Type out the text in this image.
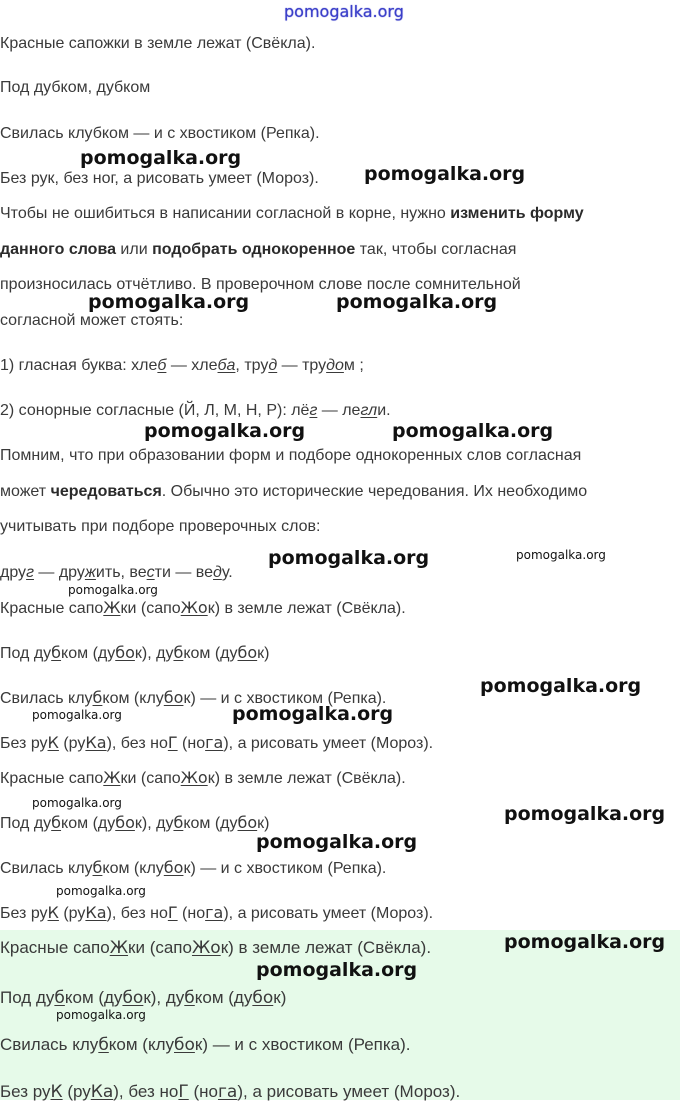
pomogalka.org
Красные сапожки в земле лежат (Свёкла).
Под дубком, дубком
Свилась клубком — и с хвостиком (Репка).
Без рук, без ног, а рисовать умеет (Мороз).
Чтобы не ошибиться в написании согласной в корне, нужно изменить форму
данного слова или подобрать однокоренное так, чтобы согласная
произносилась отчётливо. В проверочном слове после сомнительной
согласной может стоять:
1) гласная буква: хлеб — хлеба, труд — трудом ;
2) сонорные согласные (Й, Л, М, Н, Р): лёг — легли.
Помним, что при образовании форм и подборе однокоренных слов согласная
может чередоваться. Обычно это исторические чередования. Их необходимо
учитывать при подборе проверочных слов:
друг — дружить, вести — веду.
Красные сапоЖки (сапоЖок) в земле лежат (Свёкла).
Под дубком (дубок), дубком (дубок)
Свилась клубком (клубок) — и с хвостиком (Репка).
Без руК (руКа), без ноГ (нога), а рисовать умеет (Мороз).
Красные сапоЖки (сапоЖок) в земле лежат (Свёкла).
Под дубком (дубок), дубком (дубок)
Свилась клубком (клубок) — и с хвостиком (Репка).
Без руК (руКа), без ноГ (нога), а рисовать умеет (Мороз).
Красные сапоЖки (сапоЖок) в земле лежат (Свёкла).
Под дубком (дубок), дубком (дубок)
Свилась клубком (клубок) — и с хвостиком (Репка).
Без руК (руКа), без ноГ (нога), а рисовать умеет (Мороз).
pomogalka.org
pomogalka.org
pomogalka.org	pomogalka.org
pomogalka.org	pomogalka.org
pomogalka.org	pomogalka.org
pomogalka.org
pomogalka.org
pomogalka.org	pomogalka.org
pomogalka.org	pomogalka.org
pomogalka.org
pomogalka.org
pomogalka.org
pomogalka.org
pomogalka.org
